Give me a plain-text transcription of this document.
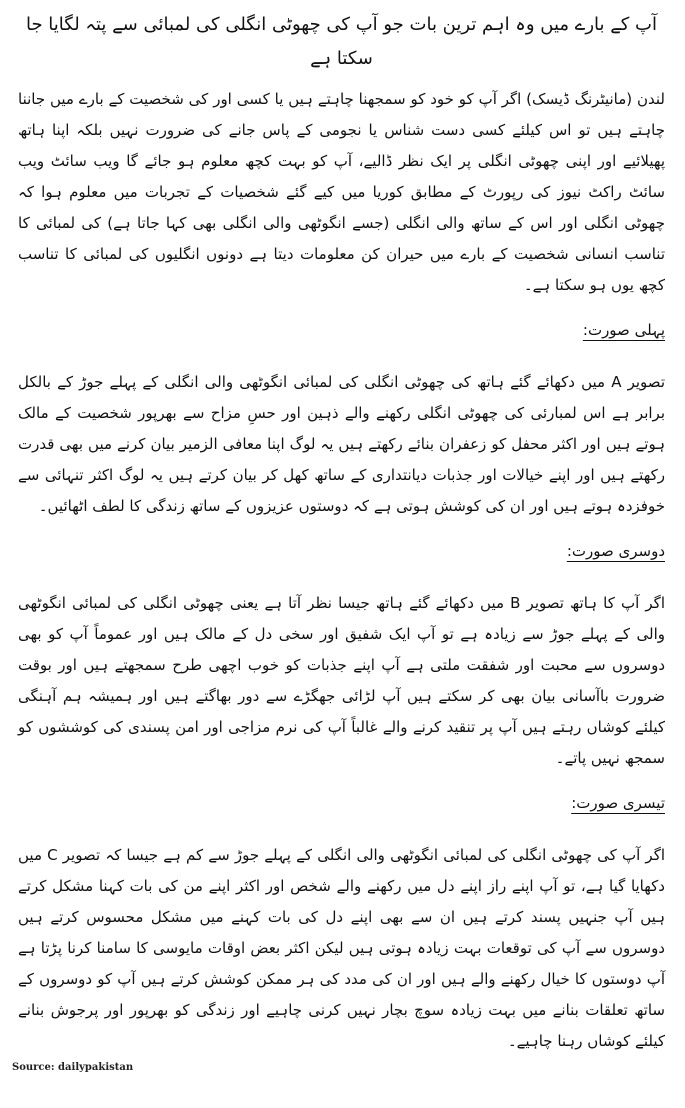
آپ کے بارے میں وہ اہم ترین بات جو آپ کی چھوٹی انگلی کی لمبائی سے پتہ لگایا جا سکتا ہے

لندن (مانیٹرنگ ڈیسک) اگر آپ کو خود کو سمجھنا چاہتے ہیں یا کسی اور کی شخصیت کے بارے میں جاننا چاہتے ہیں تو اس کیلئے کسی دست شناس یا نجومی کے پاس جانے کی ضرورت نہیں بلکہ اپنا ہاتھ پھیلائیے اور اپنی چھوٹی انگلی پر ایک نظر ڈالیے، آپ کو بہت کچھ معلوم ہو جائے گا ویب سائٹ ویب سائٹ راکٹ نیوز کی رپورٹ کے مطابق کوریا میں کیے گئے شخصیات کے تجربات میں معلوم ہوا کہ چھوٹی انگلی اور اس کے ساتھ والی انگلی (جسے انگوٹھی والی انگلی بھی کہا جاتا ہے) کی لمبائی کا تناسب انسانی شخصیت کے بارے میں حیران کن معلومات دیتا ہے دونوں انگلیوں کی لمبائی کا تناسب کچھ یوں ہو سکتا ہے۔

پہلی صورت:

تصویر A میں دکھائے گئے ہاتھ کی چھوٹی انگلی کی لمبائی انگوٹھی والی انگلی کے پہلے جوڑ کے بالکل برابر ہے اس لمبارئی کی چھوٹی انگلی رکھنے والے ذہین اور حسِ مزاح سے بھرپور شخصیت کے مالک ہوتے ہیں اور اکثر محفل کو زعفران بنائے رکھتے ہیں یہ لوگ اپنا معافی الزمیر بیان کرنے میں بھی قدرت رکھتے ہیں اور اپنے خیالات اور جذبات دیانتداری کے ساتھ کھل کر بیان کرتے ہیں یہ لوگ اکثر تنہائی سے خوفزدہ ہوتے ہیں اور ان کی کوشش ہوتی ہے کہ دوستوں عزیزوں کے ساتھ زندگی کا لطف اٹھائیں۔

دوسری صورت:

اگر آپ کا ہاتھ تصویر B میں دکھائے گئے ہاتھ جیسا نظر آتا ہے یعنی چھوٹی انگلی کی لمبائی انگوٹھی والی کے پہلے جوڑ سے زیادہ ہے تو آپ ایک شفیق اور سخی دل کے مالک ہیں اور عموماً آپ کو بھی دوسروں سے محبت اور شفقت ملتی ہے آپ اپنے جذبات کو خوب اچھی طرح سمجھتے ہیں اور بوقت ضرورت باآسانی بیان بھی کر سکتے ہیں آپ لڑائی جھگڑے سے دور بھاگتے ہیں اور ہمیشہ ہم آہنگی کیلئے کوشاں رہتے ہیں آپ پر تنقید کرنے والے غالباً آپ کی نرم مزاجی اور امن پسندی کی کوششوں کو سمجھ نہیں پاتے۔

تیسری صورت:

اگر آپ کی چھوٹی انگلی کی لمبائی انگوٹھی والی انگلی کے پہلے جوڑ سے کم ہے جیسا کہ تصویر C میں دکھایا گیا ہے، تو آپ اپنے راز اپنے دل میں رکھنے والے شخص اور اکثر اپنے من کی بات کہنا مشکل کرتے ہیں آپ جنہیں پسند کرتے ہیں ان سے بھی اپنے دل کی بات کہنے میں مشکل محسوس کرتے ہیں دوسروں سے آپ کی توقعات بہت زیادہ ہوتی ہیں لیکن اکثر بعض اوقات مایوسی کا سامنا کرنا پڑتا ہے آپ دوستوں کا خیال رکھنے والے ہیں اور ان کی مدد کی ہر ممکن کوشش کرتے ہیں آپ کو دوسروں کے ساتھ تعلقات بنانے میں بہت زیادہ سوچ بچار نہیں کرنی چاہیے اور زندگی کو بھرپور اور پرجوش بنانے کیلئے کوشاں رہنا چاہیے۔

Source: dailypakistan
